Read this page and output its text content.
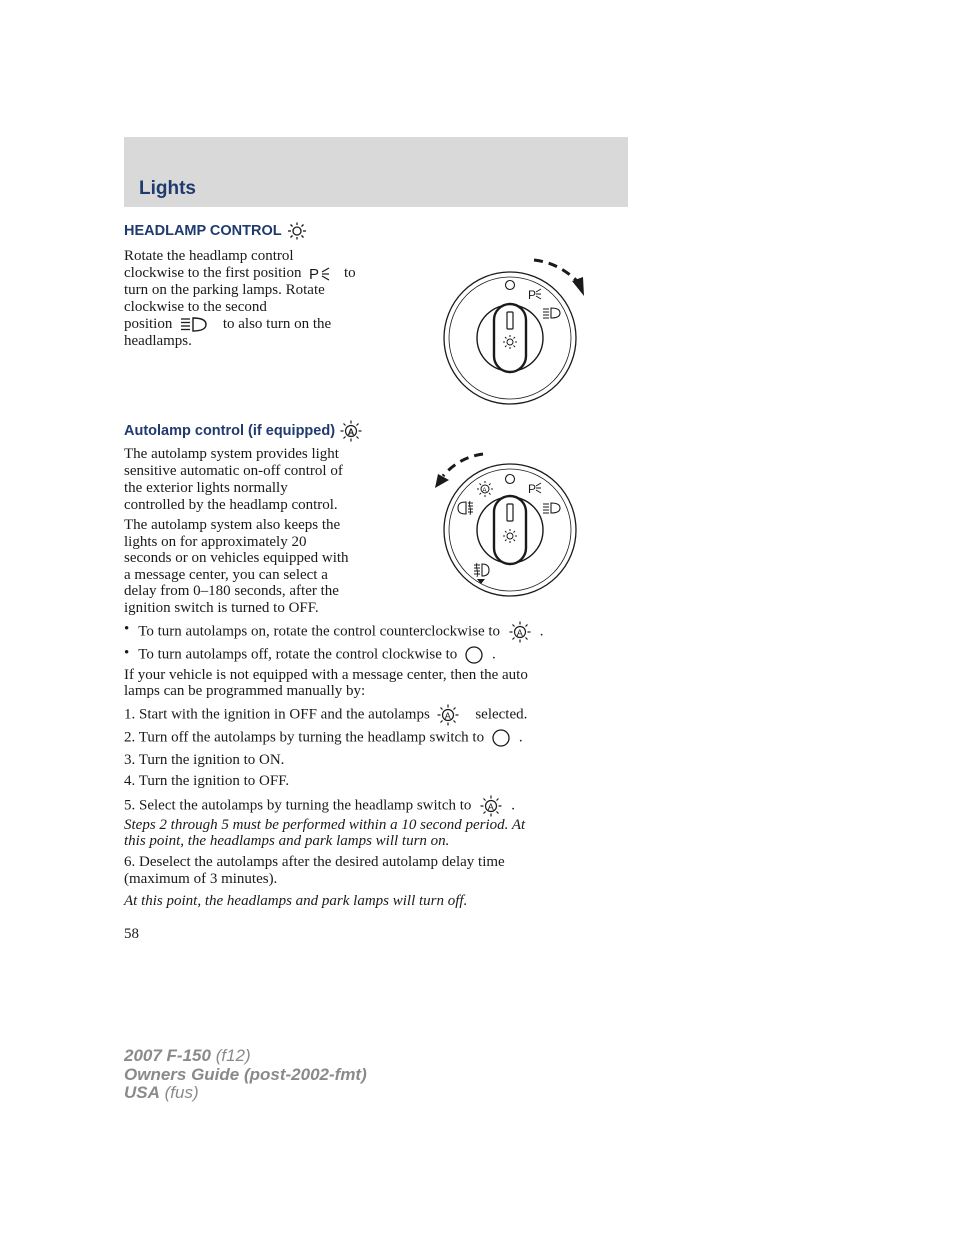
Lights
HEADLAMP CONTROL
Rotate the headlamp control
clockwise to the first position P to
turn on the parking lamps. Rotate
clockwise to the second
position	to also turn on the
headlamps.
P
Autolamp control (if equipped) A
The autolamp system provides light
sensitive automatic on-off control of
the exterior lights normally
controlled by the headlamp control.
The autolamp system also keeps the
lights on for approximately 20
seconds or on vehicles equipped with
a message center, you can select a
delay from 0–180 seconds, after the
ignition switch is turned to OFF.
A	P
• To turn autolamps on, rotate the control counterclockwise to A .
• To turn autolamps off, rotate the control clockwise to .
If your vehicle is not equipped with a message center, then the auto
lamps can be programmed manually by:
1. Start with the ignition in OFF and the autolamps A selected.
2. Turn off the autolamps by turning the headlamp switch to .
3. Turn the ignition to ON.
4. Turn the ignition to OFF.
5. Select the autolamps by turning the headlamp switch to A .
Steps 2 through 5 must be performed within a 10 second period. At
this point, the headlamps and park lamps will turn on.
6. Deselect the autolamps after the desired autolamp delay time
(maximum of 3 minutes).
At this point, the headlamps and park lamps will turn off.
58
2007 F-150 (f12)
Owners Guide (post-2002-fmt)
USA (fus)
